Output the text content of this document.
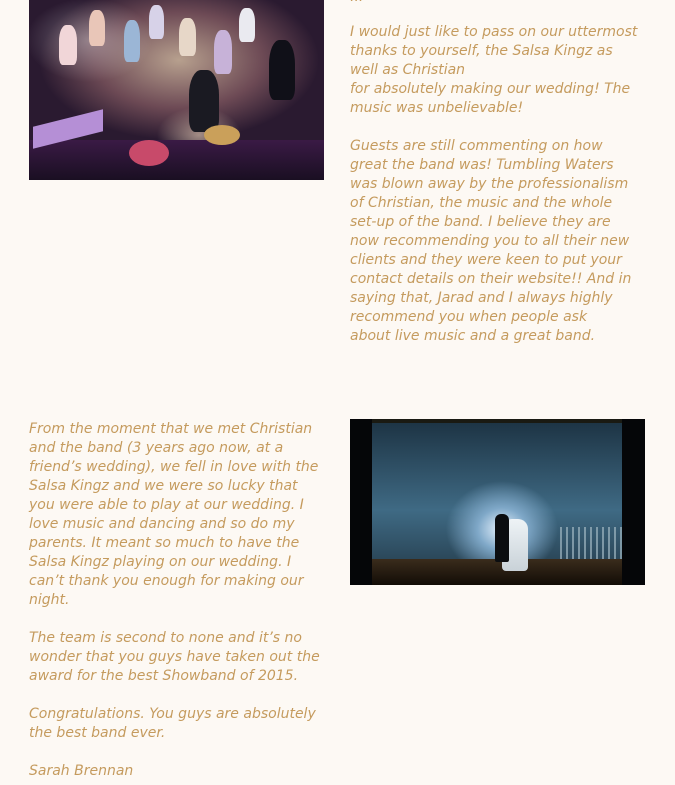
I would just like to pass on our uttermost
thanks to yourself, the Salsa Kingz as
well as Christian
for absolutely making our wedding! The
music was unbelievable!

Guests are still commenting on how
great the band was! Tumbling Waters
was blown away by the professionalism
of Christian, the music and the whole
set-up of the band. I believe they are
now recommending you to all their new
clients and they were keen to put your
contact details on their website!! And in
saying that, Jarad and I always highly
recommend you when people ask
about live music and a great band.

From the moment that we met Christian
and the band (3 years ago now, at a
friend’s wedding), we fell in love with the
Salsa Kingz and we were so lucky that
you were able to play at our wedding. I
love music and dancing and so do my
parents. It meant so much to have the
Salsa Kingz playing on our wedding. I
can’t thank you enough for making our
night.

The team is second to none and it’s no
wonder that you guys have taken out the
award for the best Showband of 2015.

Congratulations. You guys are absolutely
the best band ever.

Sarah Brennan
